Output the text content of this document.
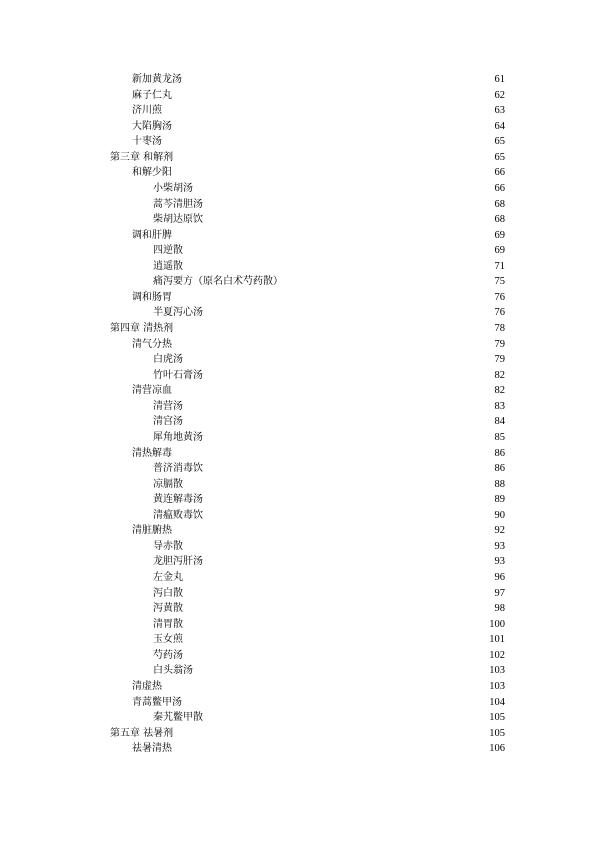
新加黄龙汤	61
麻子仁丸	62
济川煎	63
大陷胸汤	64
十枣汤	65
第三章 和解剂	65
和解少阳	66
小柴胡汤	66
蒿芩清胆汤	68
柴胡达原饮	68
调和肝脾	69
四逆散	69
逍遥散	71
痛泻要方（原名白术芍药散）	75
调和肠胃	76
半夏泻心汤	76
第四章 清热剂	78
清气分热	79
白虎汤	79
竹叶石膏汤	82
清营凉血	82
清营汤	83
清宫汤	84
犀角地黄汤	85
清热解毒	86
普济消毒饮	86
凉膈散	88
黄连解毒汤	89
清瘟败毒饮	90
清脏腑热	92
导赤散	93
龙胆泻肝汤	93
左金丸	96
泻白散	97
泻黄散	98
清胃散	100
玉女煎	101
芍药汤	102
白头翁汤	103
清虚热	103
青蒿鳖甲汤	104
秦艽鳖甲散	105
第五章 祛暑剂	105
祛暑清热	106
